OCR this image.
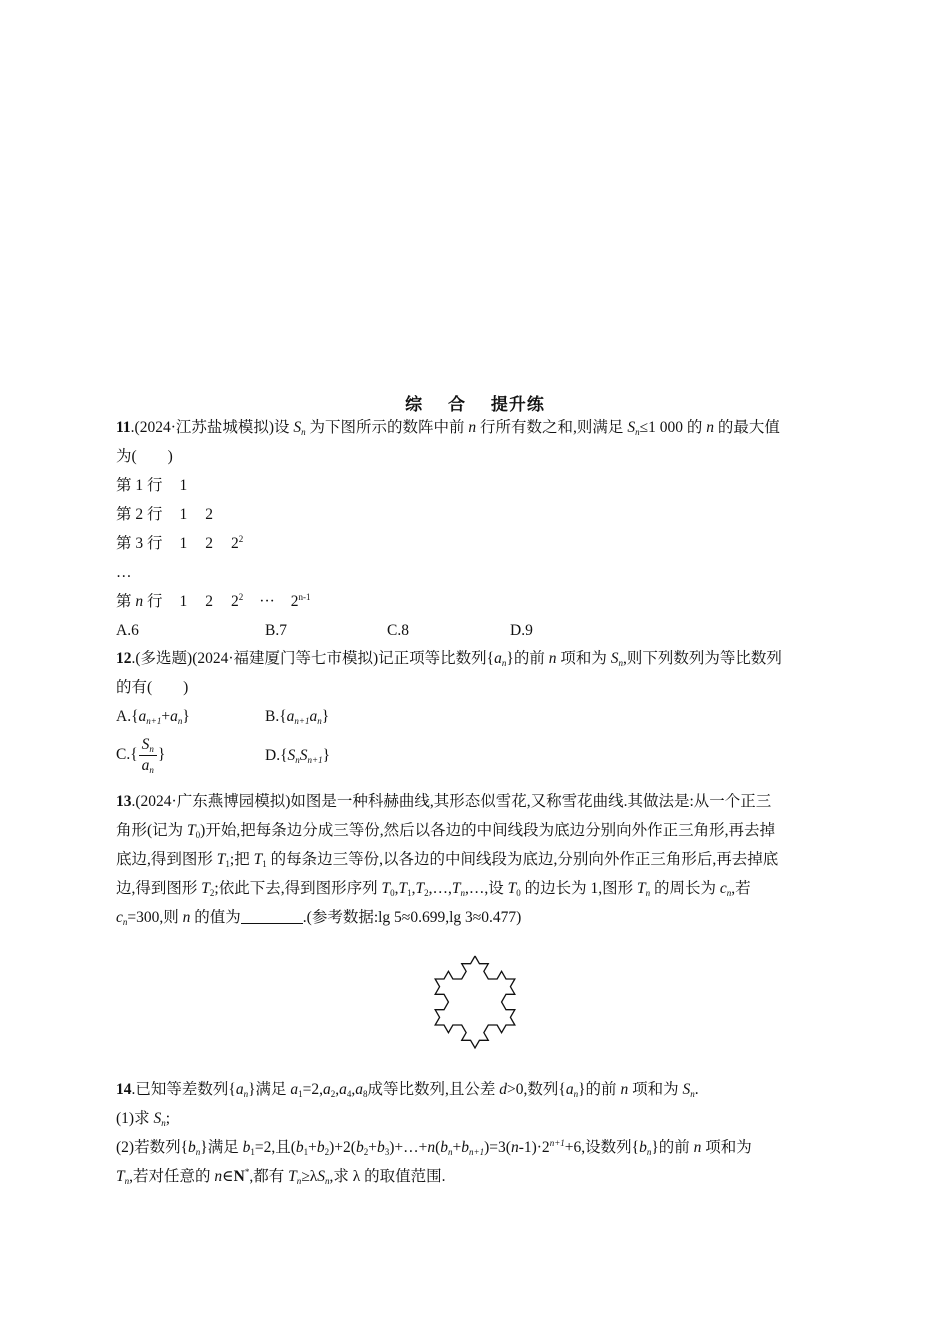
综 合 提升练
11.(2024·江苏盐城模拟)设 $S_n$ 为下图所示的数阵中前 n 行所有数之和,则满足 $S_n\le 1$ 000 的 n 的最大值
为(　　)
第 1 行 1
第 2 行 1 2
第 3 行 1 2 $2^2$
…
第 n 行 1 2 $2^2$ ··· $2^{n-1}$
A.6	B.7	C.8	D.9
12.(多选题)(2024·福建厦门等七市模拟)记正项等比数列$\{a_n\}$的前 n 项和为 $S_n$,则下列数列为等比数列
的有(　　)
$A.\{a_{n+1}+a_n\}$	$B.\{a_{n+1}a_n\}$
$C.\{ \frac{S_n}{a_n}$ }	$D.\{S_nS_{n+1}\}$
13.(2024·广东燕博园模拟)如图是一种科赫曲线,其形态似雪花,又称雪花曲线.其做法是:从一个正三
角形(记为 $T_0$)开始,把每条边分成三等份,然后以各边的中间线段为底边分别向外作正三角形,再去掉
底边,得到图形 $T_1$;把 $T_1$ 的每条边三等份,以各边的中间线段为底边,分别向外作正三角形后,再去掉底
边,得到图形 $T_2$;依此下去,得到图形序列 $T_0,T_1,T_2,\dots,T_n,\dots$,设 $T_0$ 的边长为 1,图形 $T_n$ 的周长为 $c_n$,若
$c_n=300$,则 n 的值为	.(参考数据:lg 5≈0.699,lg 3≈0.477)
14.已知等差数列$\{a_n\}$满足 $a_1=2,a_2,a_4,a_8$成等比数列,且公差 d>0,数列$\{a_n\}$的前 n 项和为 $S_n$.
(1)求 $S_n$;
(2)若数列$\{b_n\}$满足 $b_1=2$,且$(b_1+b_2)+2(b_2+b_3)+\dots+n(b_n+b_{n+1})=3(n-1)\cdot 2^{n+1}+6$,设数列$\{b_n\}$的前 n 项和为
$T_n$,若对任意的 n∈N*,都有 $T_n\ge\lambda S_n$,求 λ 的取值范围.
